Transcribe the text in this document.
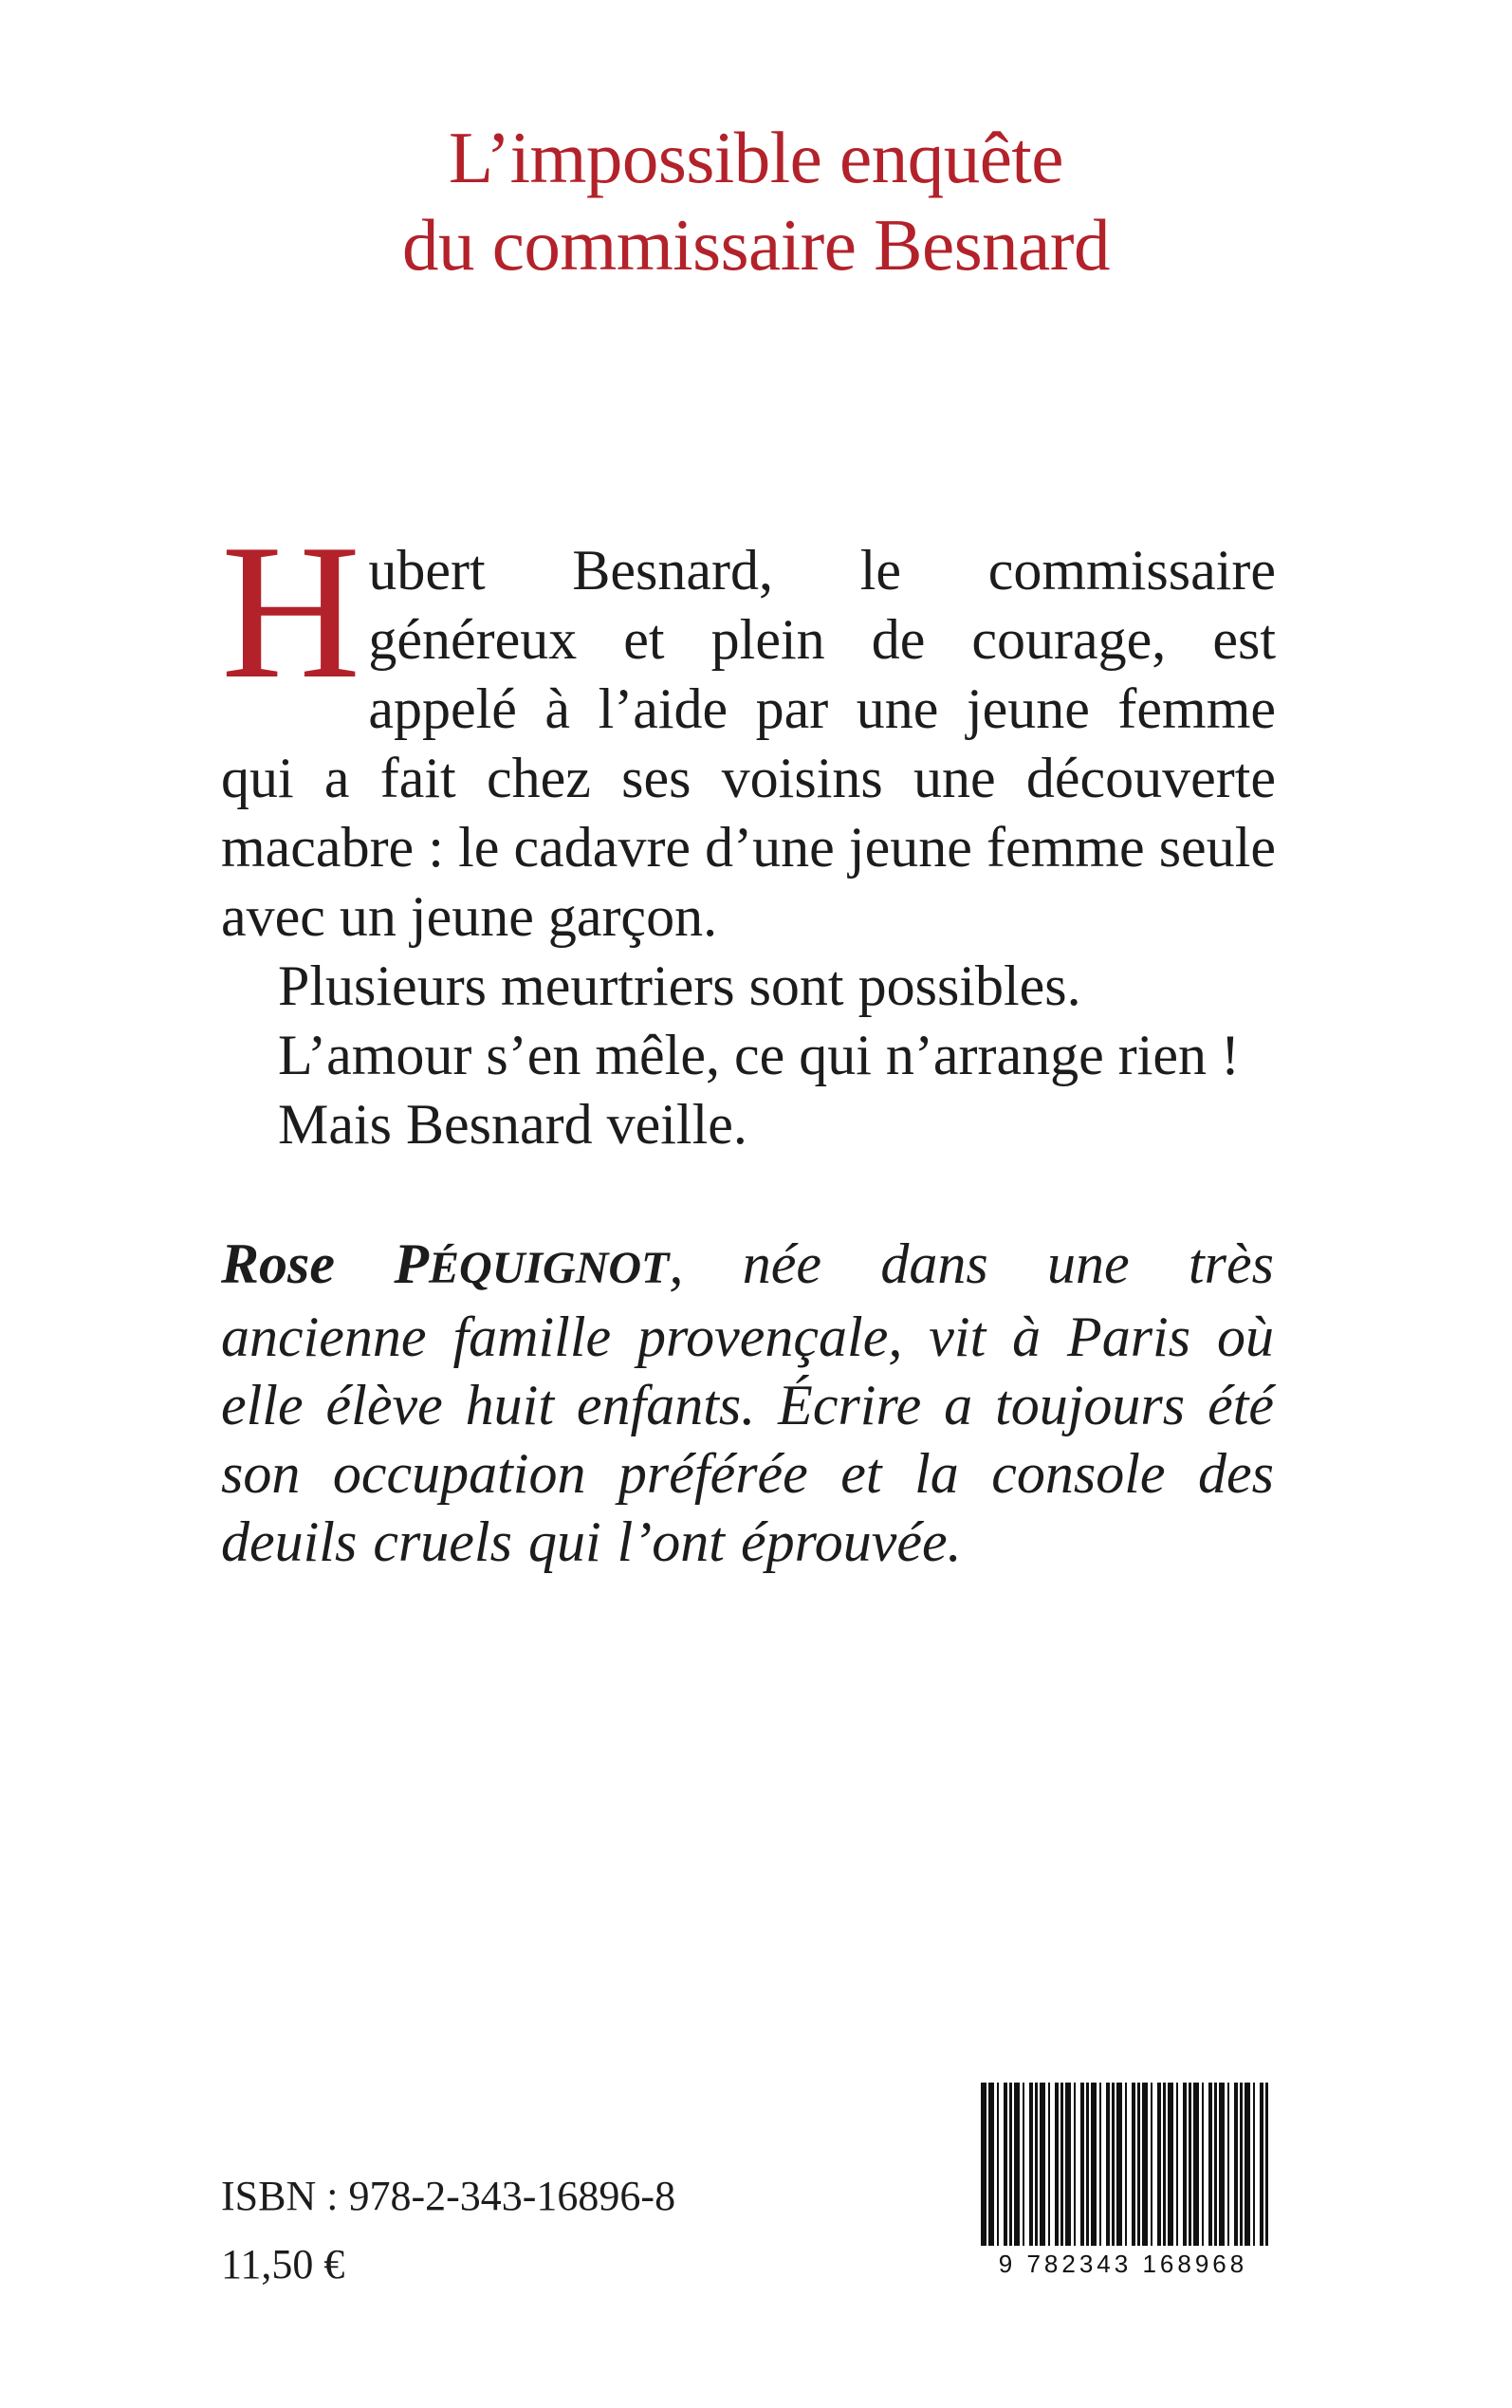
L’impossible enquête
du commissaire Besnard

Hubert Besnard, le commissaire généreux et plein de courage, est appelé à l’aide par une jeune femme qui a fait chez ses voisins une découverte macabre : le cadavre d’une jeune femme seule avec un jeune garçon.

Plusieurs meurtriers sont possibles.

L’amour s’en mêle, ce qui n’arrange rien !

Mais Besnard veille.

Rose PÉQUIGNOT, née dans une très ancienne famille provençale, vit à Paris où elle élève huit enfants. Écrire a toujours été son occupation préférée et la console des deuils cruels qui l’ont éprouvée.
9 782343 168968
ISBN : 978-2-343-16896-8
11,50 €
